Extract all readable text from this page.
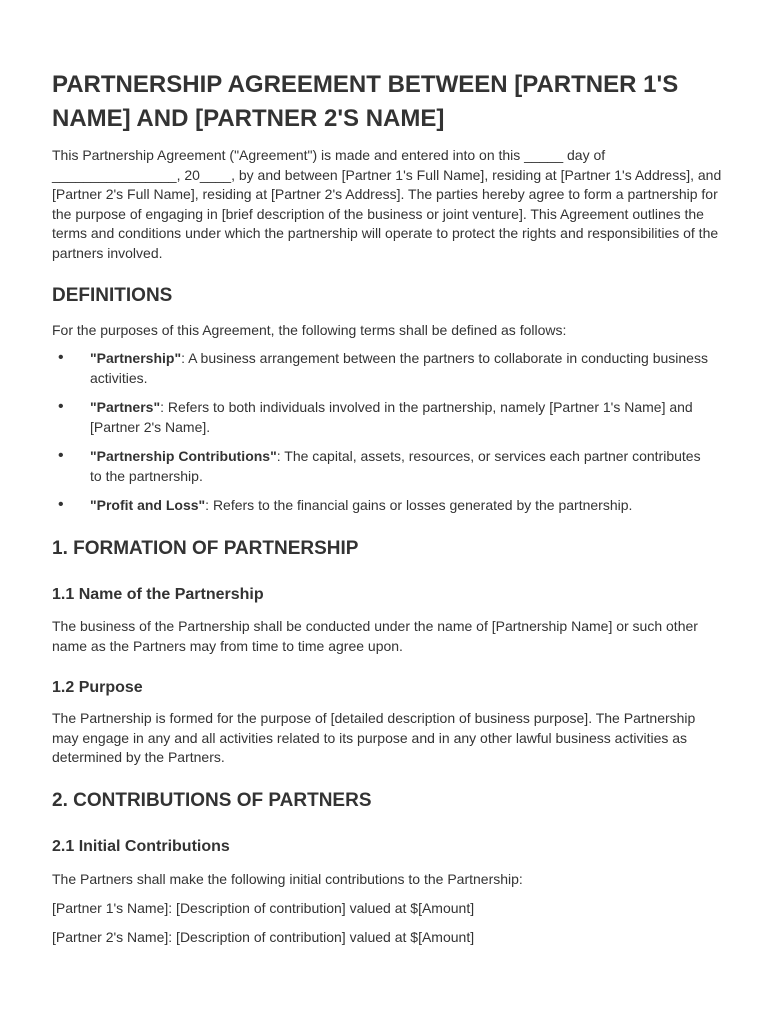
PARTNERSHIP AGREEMENT BETWEEN [PARTNER 1'S NAME] AND [PARTNER 2'S NAME]

This Partnership Agreement ("Agreement") is made and entered into on this _____ day of ________________, 20____, by and between [Partner 1's Full Name], residing at [Partner 1's Address], and [Partner 2's Full Name], residing at [Partner 2's Address]. The parties hereby agree to form a partnership for the purpose of engaging in [brief description of the business or joint venture]. This Agreement outlines the terms and conditions under which the partnership will operate to protect the rights and responsibilities of the partners involved.

DEFINITIONS

For the purposes of this Agreement, the following terms shall be defined as follows:

• "Partnership": A business arrangement between the partners to collaborate in conducting business activities.
• "Partners": Refers to both individuals involved in the partnership, namely [Partner 1's Name] and [Partner 2's Name].
• "Partnership Contributions": The capital, assets, resources, or services each partner contributes to the partnership.
• "Profit and Loss": Refers to the financial gains or losses generated by the partnership.
1. FORMATION OF PARTNERSHIP
1.1 Name of the Partnership

The business of the Partnership shall be conducted under the name of [Partnership Name] or such other name as the Partners may from time to time agree upon.

1.2 Purpose

The Partnership is formed for the purpose of [detailed description of business purpose]. The Partnership may engage in any and all activities related to its purpose and in any other lawful business activities as determined by the Partners.

2. CONTRIBUTIONS OF PARTNERS
2.1 Initial Contributions

The Partners shall make the following initial contributions to the Partnership:

[Partner 1's Name]: [Description of contribution] valued at $[Amount]

[Partner 2's Name]: [Description of contribution] valued at $[Amount]
